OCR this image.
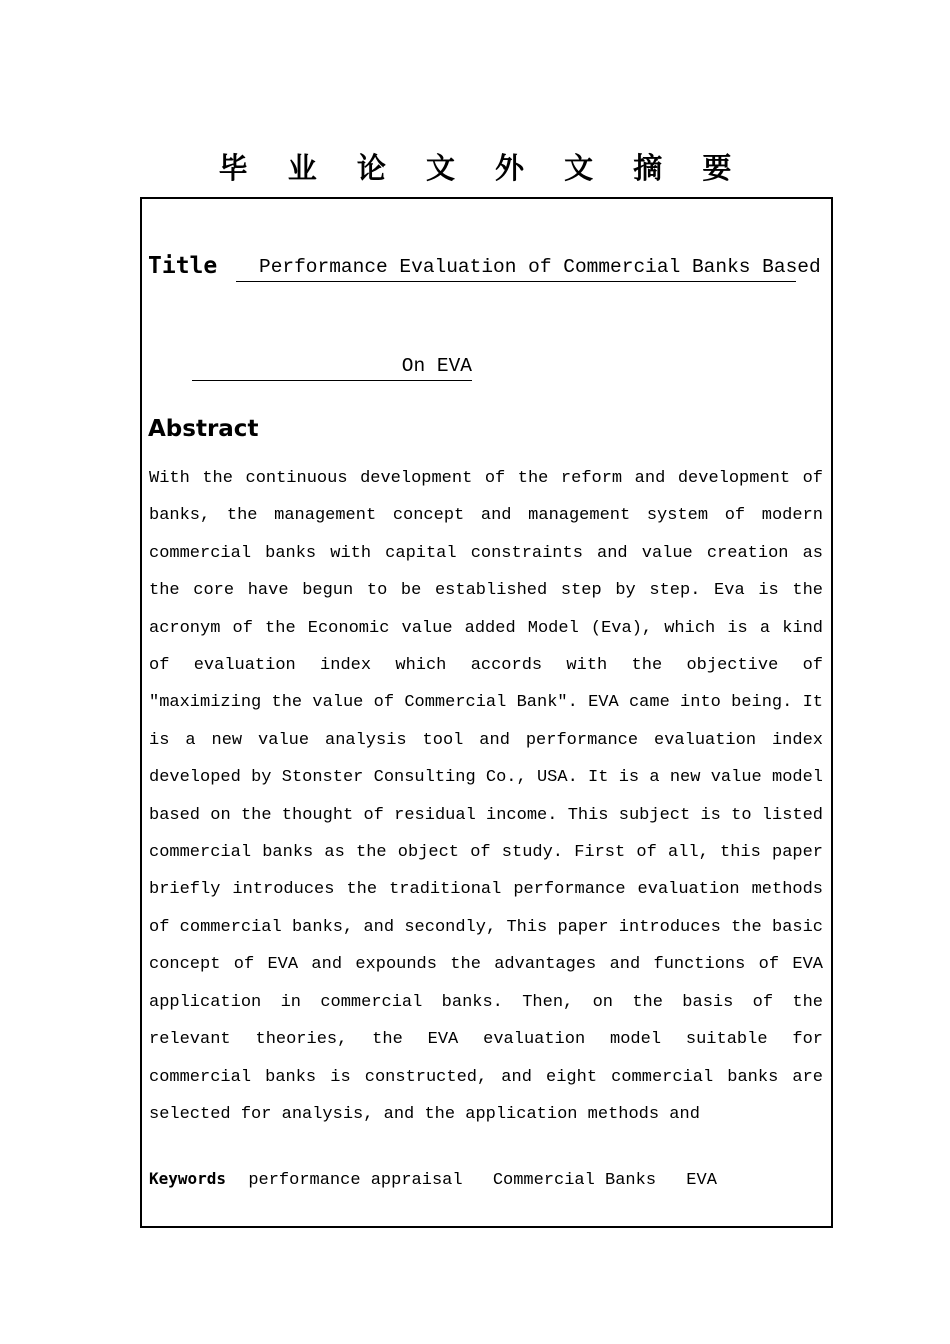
毕 业 论 文 外 文 摘 要
Title	Performance Evaluation of Commercial Banks Based
On EVA
Abstract

With the continuous development of the reform and development of banks, the management concept and management system of modern commercial banks with capital constraints and value creation as the core have begun to be established step by step. Eva is the acronym of the Economic value added Model (Eva), which is a kind of evaluation index which accords with the objective of "maximizing the value of Commercial Bank". EVA came into being. It is a new value analysis tool and performance evaluation index developed by Stonster Consulting Co., USA. It is a new value model based on the thought of residual income. This subject is to listed commercial banks as the object of study. First of all, this paper briefly introduces the traditional performance evaluation methods of commercial banks, and secondly, This paper introduces the basic concept of EVA and expounds the advantages and functions of EVA application in commercial banks. Then, on the basis of the relevant theories, the EVA evaluation model suitable for commercial banks is constructed, and eight commercial banks are selected for analysis, and the application methods and

Keywords performance appraisal Commercial Banks EVA
